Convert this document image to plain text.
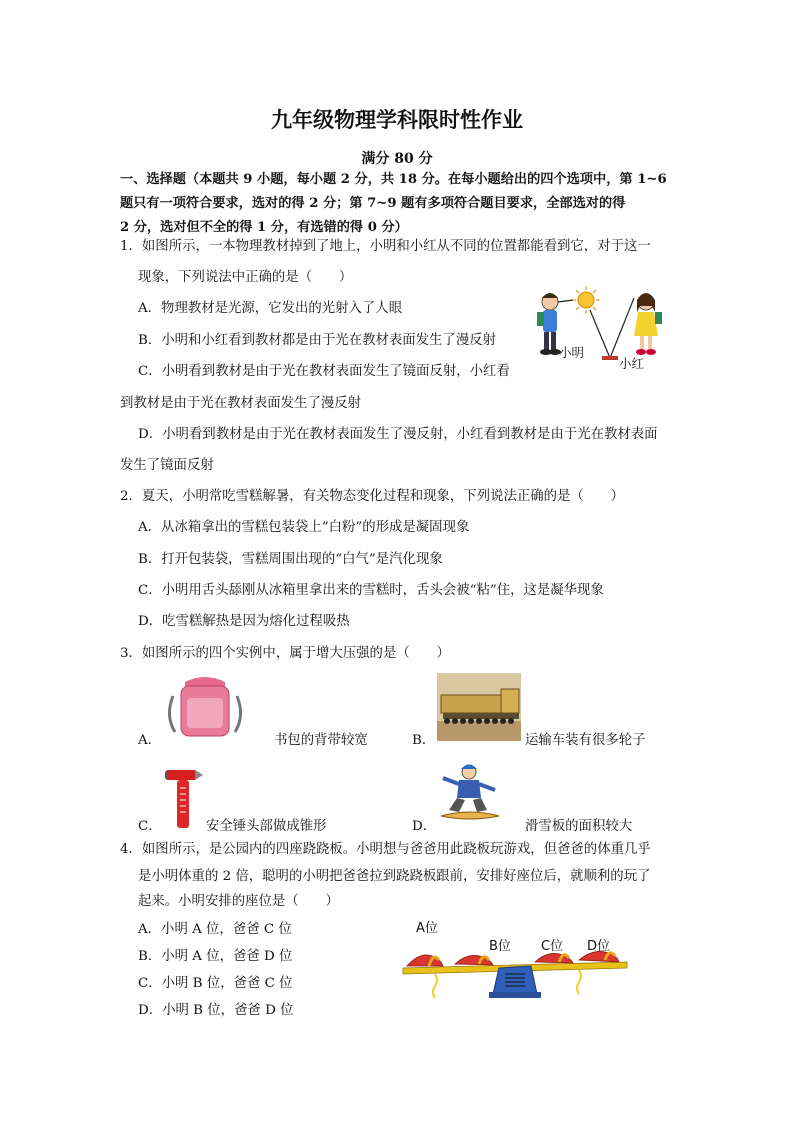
九年级物理学科限时性作业
满分 80 分
一、选择题（本题共 9 小题，每小题 2 分，共 18 分。在每小题给出的四个选项中，第 1~6
题只有一项符合要求，选对的得 2 分；第 7~9 题有多项符合题目要求，全部选对的得
2 分，选对但不全的得 1 分，有选错的得 0 分）
1．如图所示，一本物理教材掉到了地上，小明和小红从不同的位置都能看到它，对于这一
现象，下列说法中正确的是（　　）
A．物理教材是光源，它发出的光射入了人眼
B．小明和小红看到教材都是由于光在教材表面发生了漫反射
C．小明看到教材是由于光在教材表面发生了镜面反射，小红看
到教材是由于光在教材表面发生了漫反射
D．小明看到教材是由于光在教材表面发生了漫反射，小红看到教材是由于光在教材表面
发生了镜面反射
小明
小红
2．夏天，小明常吃雪糕解暑，有关物态变化过程和现象，下列说法正确的是（　　）
A．从冰箱拿出的雪糕包装袋上“白粉”的形成是凝固现象
B．打开包装袋，雪糕周围出现的“白气”是汽化现象
C．小明用舌头舔刚从冰箱里拿出来的雪糕时，舌头会被“粘”住，这是凝华现象
D．吃雪糕解热是因为熔化过程吸热
3．如图所示的四个实例中，属于增大压强的是（　　）
A．	书包的背带较宽	B．	运输车装有很多轮子
C．	安全锤头部做成锥形	D．	滑雪板的面积较大
4．如图所示，是公园内的四座跷跷板。小明想与爸爸用此跷板玩游戏，但爸爸的体重几乎
是小明体重的 2 倍，聪明的小明把爸爸拉到跷跷板跟前，安排好座位后，就顺利的玩了
起来。小明安排的座位是（　　）
A．小明 A 位，爸爸 C 位
B．小明 A 位，爸爸 D 位
C．小明 B 位，爸爸 C 位
D．小明 B 位，爸爸 D 位
A位
B位 C位 D位
